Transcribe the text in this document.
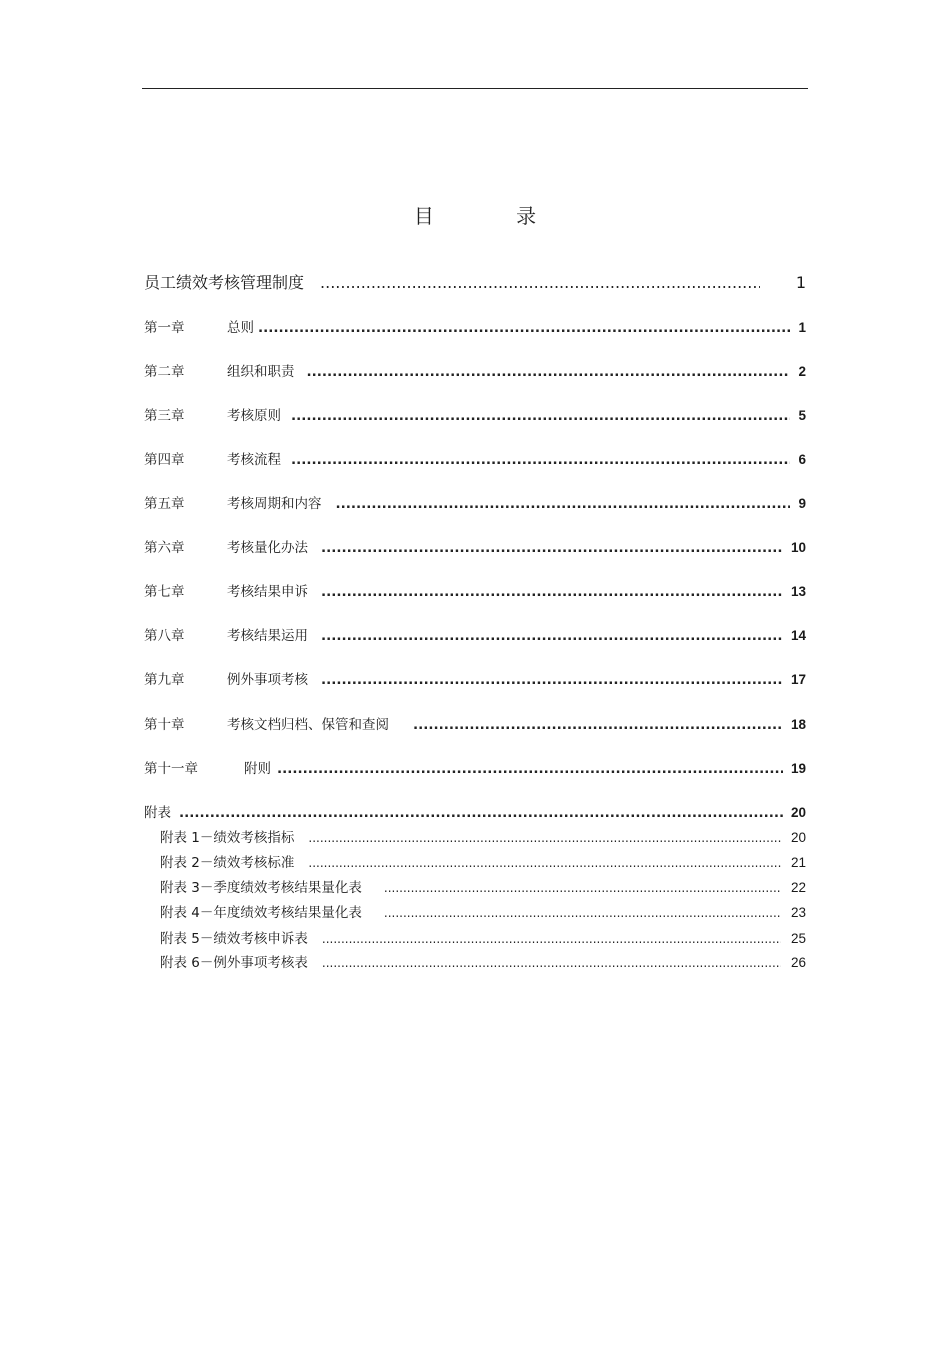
目 录
员工绩效考核管理制度 .....	1
第一章	总则 .....	1
第二章	组织和职责 .....	2
第三章	考核原则 .....	5
第四章	考核流程 .....	6
第五章	考核周期和内容 .....	9
第六章	考核量化办法 .....	10
第七章	考核结果申诉 .....	13
第八章	考核结果运用 .....	14
第九章	例外事项考核 .....	17
第十章	考核文档归档、保管和查阅 .....	18
第十一章	附则 .....	19
附表 .....	20
附表 1－绩效考核指标 .....	20
附表 2－绩效考核标准 .....	21
附表 3－季度绩效考核结果量化表 .....	22
附表 4－年度绩效考核结果量化表 .....	23
附表 5－绩效考核申诉表 .....	25
附表 6－例外事项考核表 .....	26
